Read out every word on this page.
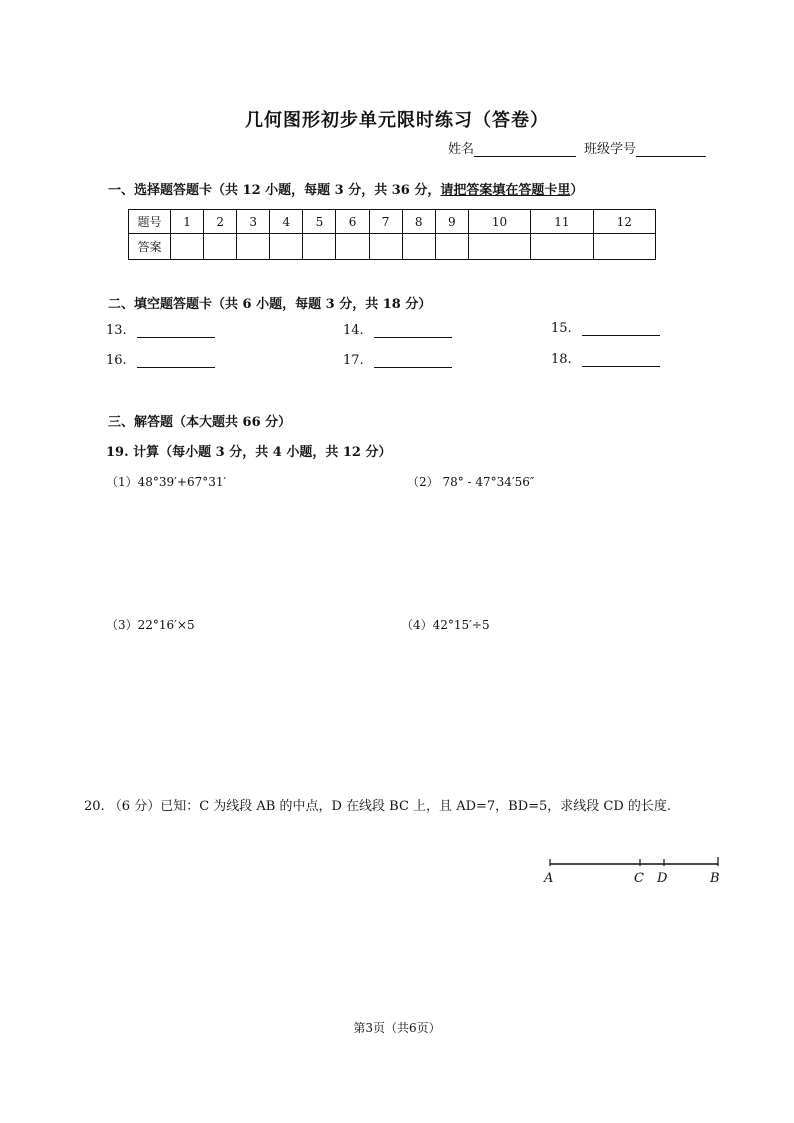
几何图形初步单元限时练习（答卷）
姓名	班级学号
一、选择题答题卡（共 12 小题，每题 3 分，共 36 分，请把答案填在答题卡里）
题号	1	2	3	4	5	6	7	8	9	10	11	12
答案												
二、填空题答题卡（共 6 小题，每题 3 分，共 18 分）
13.	14.	15.
16.	17.	18.
三、解答题（本大题共 66 分）
19. 计算（每小题 3 分，共 4 小题，共 12 分）
（1）48°39′+67°31′	（2） 78° - 47°34′56″
（3）22°16′×5	（4）42°15′÷5
20. （6 分）已知：C 为线段 AB 的中点，D 在线段 BC 上，且 AD=7，BD=5，求线段 CD 的长度.
A	C D	B
第3页（共6页）
